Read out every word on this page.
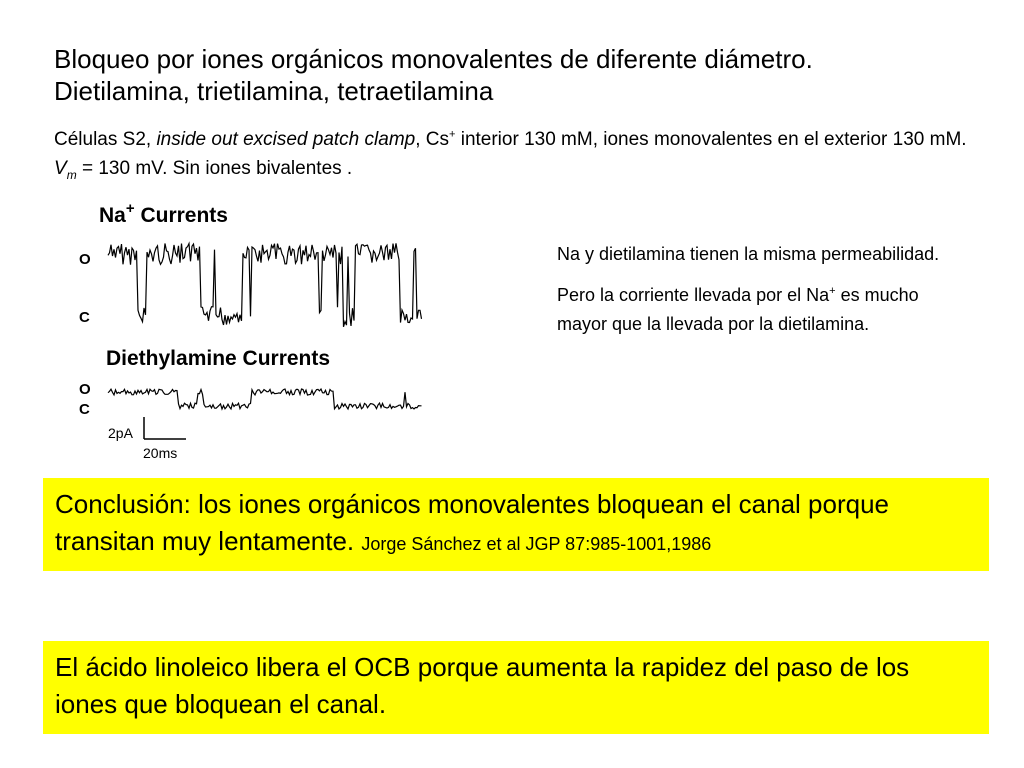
Bloqueo por iones orgánicos monovalentes de diferente diámetro.
Dietilamina, trietilamina, tetraetilamina
Células S2, inside out excised patch clamp, Cs+ interior 130 mM, iones monovalentes en el exterior 130 mM. $V_m = 130$ mV. Sin iones bivalentes .
Na+ Currents
O
C
Diethylamine Currents
O
C
2pA
20ms

Na y dietilamina tienen la misma permeabilidad.

Pero la corriente llevada por el Na+ es mucho mayor que la llevada por la dietilamina.

Conclusión: los iones orgánicos monovalentes bloquean el canal porque transitan muy lentamente. Jorge Sánchez et al JGP 87:985-1001,1986
El ácido linoleico libera el OCB porque aumenta la rapidez del paso de los iones que bloquean el canal.
